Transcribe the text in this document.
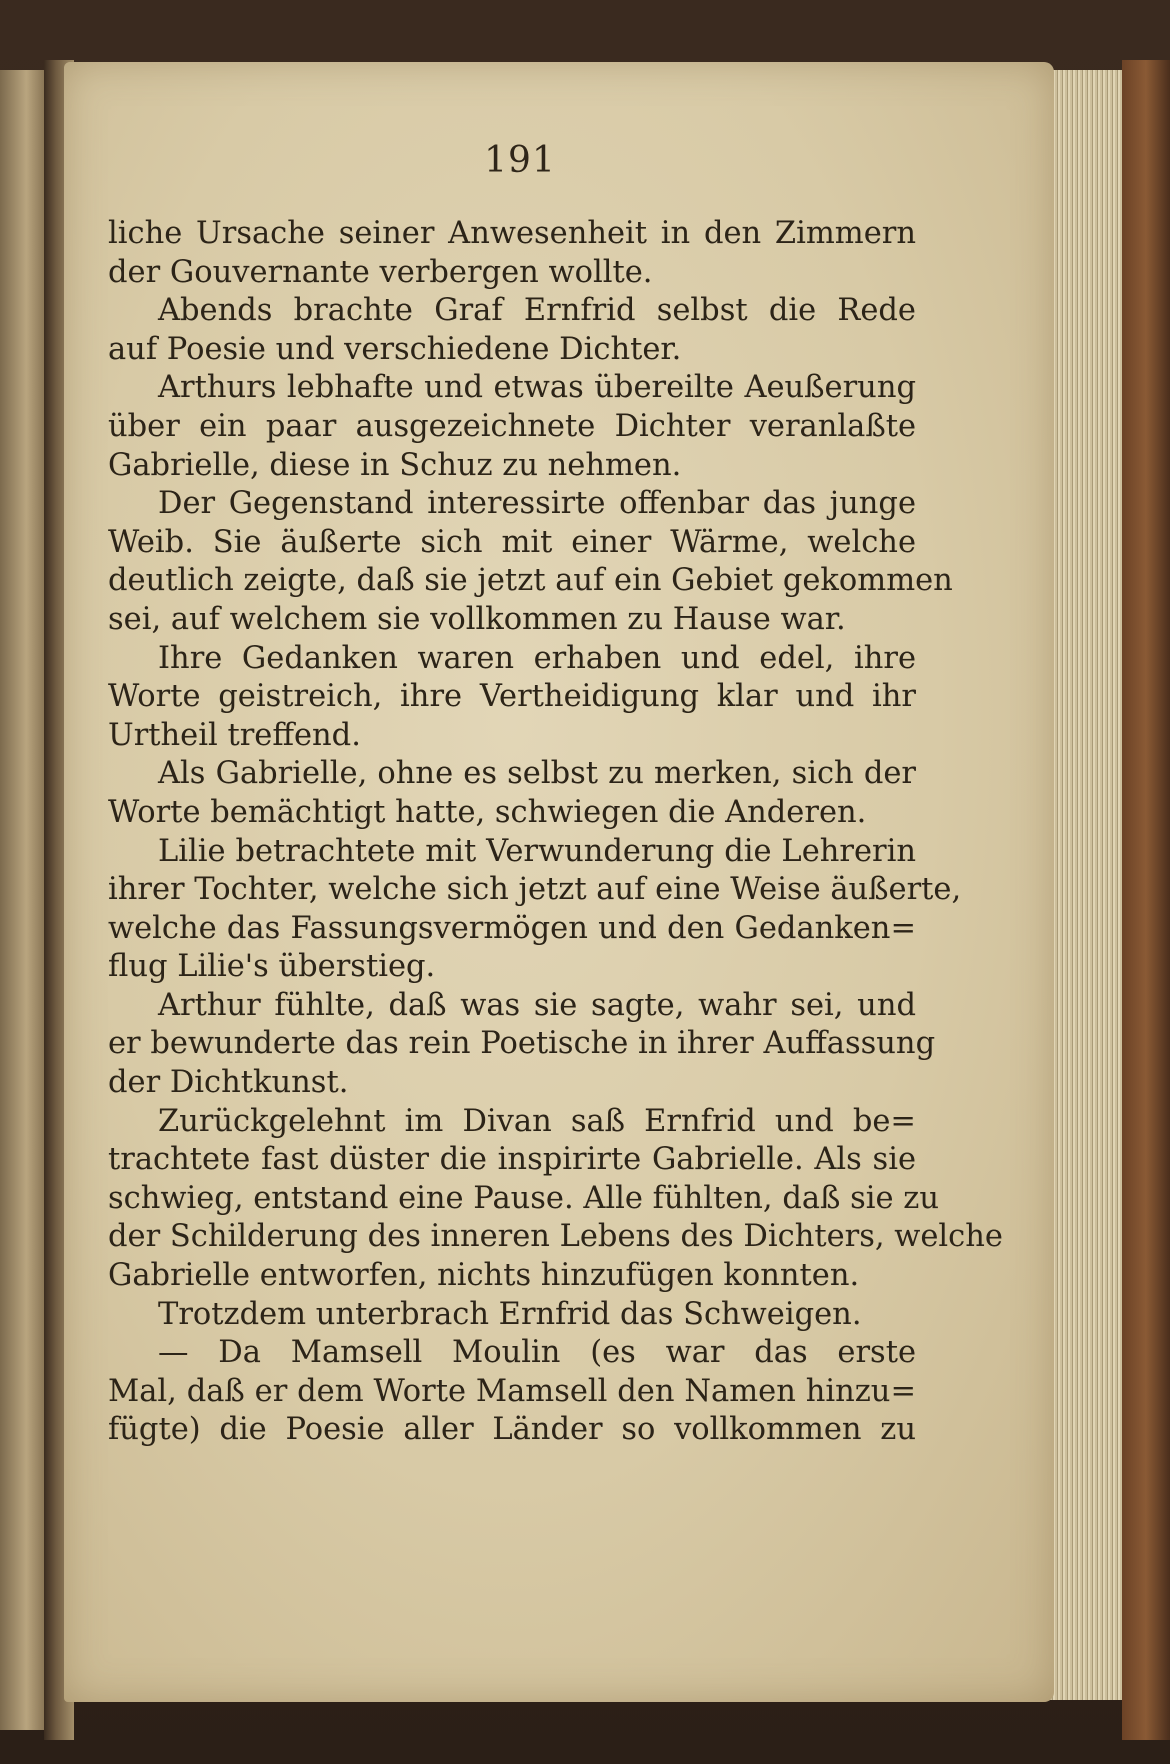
191
liche Ursache seiner Anwesenheit in den Zimmern
der Gouvernante verbergen wollte.
Abends brachte Graf Ernfrid selbst die Rede
auf Poesie und verschiedene Dichter.
Arthurs lebhafte und etwas übereilte Aeußerung
über ein paar ausgezeichnete Dichter veranlaßte
Gabrielle, diese in Schuz zu nehmen.
Der Gegenstand interessirte offenbar das junge
Weib. Sie äußerte sich mit einer Wärme, welche
deutlich zeigte, daß sie jetzt auf ein Gebiet gekommen
sei, auf welchem sie vollkommen zu Hause war.
Ihre Gedanken waren erhaben und edel, ihre
Worte geistreich, ihre Vertheidigung klar und ihr
Urtheil treffend.
Als Gabrielle, ohne es selbst zu merken, sich der
Worte bemächtigt hatte, schwiegen die Anderen.
Lilie betrachtete mit Verwunderung die Lehrerin
ihrer Tochter, welche sich jetzt auf eine Weise äußerte,
welche das Fassungsvermögen und den Gedanken=
flug Lilie's überstieg.
Arthur fühlte, daß was sie sagte, wahr sei, und
er bewunderte das rein Poetische in ihrer Auffassung
der Dichtkunst.
Zurückgelehnt im Divan saß Ernfrid und be=
trachtete fast düster die inspirirte Gabrielle. Als sie
schwieg, entstand eine Pause. Alle fühlten, daß sie zu
der Schilderung des inneren Lebens des Dichters, welche
Gabrielle entworfen, nichts hinzufügen konnten.
Trotzdem unterbrach Ernfrid das Schweigen.
— Da Mamsell Moulin (es war das erste
Mal, daß er dem Worte Mamsell den Namen hinzu=
fügte) die Poesie aller Länder so vollkommen zu
